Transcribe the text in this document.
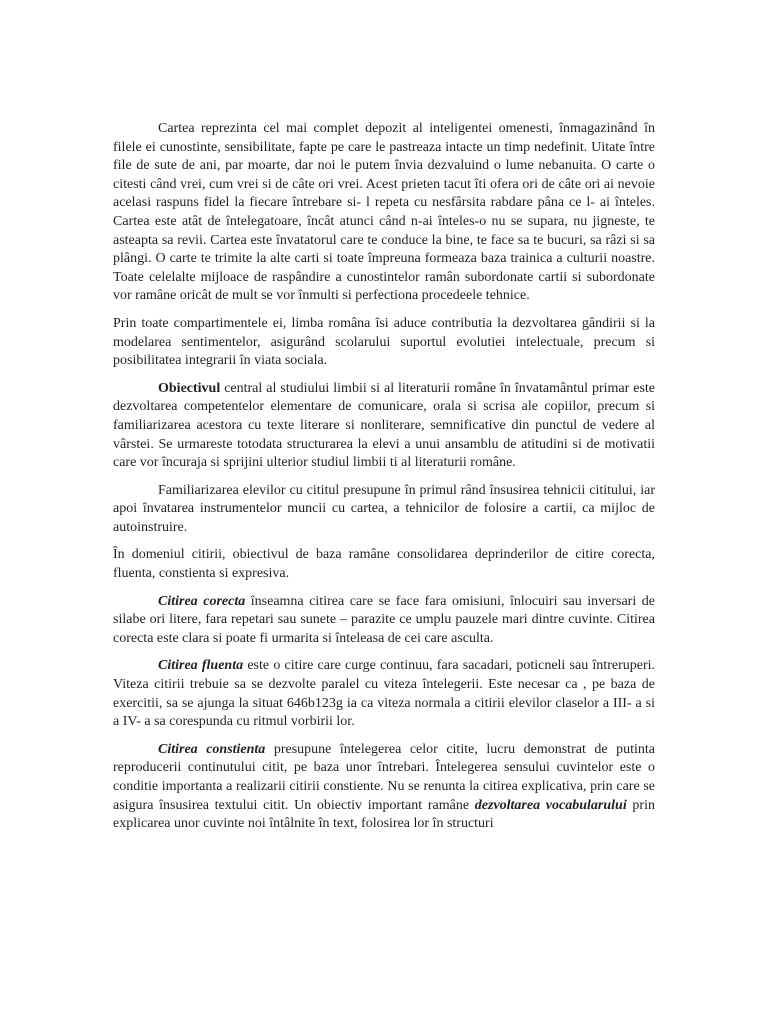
Cartea reprezinta cel mai complet depozit al inteligentei omenesti, înmagazinând în filele ei cunostinte, sensibilitate, fapte pe care le pastreaza intacte un timp nedefinit. Uitate între file de sute de ani, par moarte, dar noi le putem învia dezvaluind o lume nebanuita. O carte o citesti când vrei, cum vrei si de câte ori vrei. Acest prieten tacut îti ofera ori de câte ori ai nevoie acelasi raspuns fidel la fiecare întrebare si- l repeta cu nesfârsita rabdare pâna ce l- ai înteles. Cartea este atât de întelegatoare, încât atunci când n-ai înteles-o nu se supara, nu jigneste, te asteapta sa revii. Cartea este învatatorul care te conduce la bine, te face sa te bucuri, sa râzi si sa plângi. O carte te trimite la alte carti si toate împreuna formeaza baza trainica a culturii noastre. Toate celelalte mijloace de raspândire a cunostintelor ramân subordonate cartii si subordonate vor ramâne oricât de mult se vor înmulti si perfectiona procedeele tehnice.

Prin toate compartimentele ei, limba româna îsi aduce contributia la dezvoltarea gândirii si la modelarea sentimentelor, asigurând scolarului suportul evolutiei intelectuale, precum si posibilitatea integrarii în viata sociala.

Obiectivul central al studiului limbii si al literaturii române în învatamântul primar este dezvoltarea competentelor elementare de comunicare, orala si scrisa ale copiilor, precum si familiarizarea acestora cu texte literare si nonliterare, semnificative din punctul de vedere al vârstei. Se urmareste totodata structurarea la elevi a unui ansamblu de atitudini si de motivatii care vor încuraja si sprijini ulterior studiul limbii ti al literaturii române.

Familiarizarea elevilor cu cititul presupune în primul rând însusirea tehnicii cititului, iar apoi învatarea instrumentelor muncii cu cartea, a tehnicilor de folosire a cartii, ca mijloc de autoinstruire.

În domeniul citirii, obiectivul de baza ramâne consolidarea deprinderilor de citire corecta, fluenta, constienta si expresiva.

Citirea corecta înseamna citirea care se face fara omisiuni, înlocuiri sau inversari de silabe ori litere, fara repetari sau sunete – parazite ce umplu pauzele mari dintre cuvinte. Citirea corecta este clara si poate fi urmarita si înteleasa de cei care asculta.

Citirea fluenta este o citire care curge continuu, fara sacadari, poticneli sau întreruperi. Viteza citirii trebuie sa se dezvolte paralel cu viteza întelegerii. Este necesar ca , pe baza de exercitii, sa se ajunga la situat 646b123g ia ca viteza normala a citirii elevilor claselor a III- a si a IV- a sa corespunda cu ritmul vorbirii lor.

Citirea constienta presupune întelegerea celor citite, lucru demonstrat de putinta reproducerii continutului citit, pe baza unor întrebari. Întelegerea sensului cuvintelor este o conditie importanta a realizarii citirii constiente. Nu se renunta la citirea explicativa, prin care se asigura însusirea textului citit. Un obiectiv important ramâne dezvoltarea vocabularului prin explicarea unor cuvinte noi întâlnite în text, folosirea lor în structuri
